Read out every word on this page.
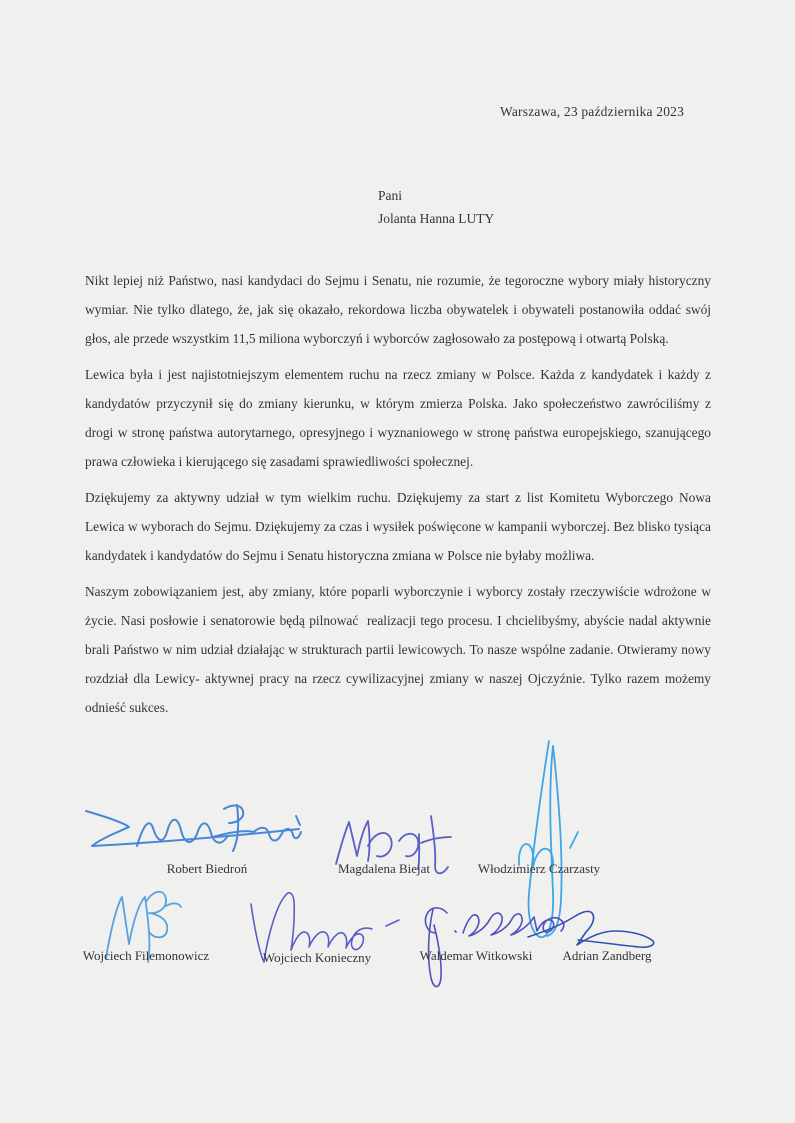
Warszawa, 23 października 2023
Pani
Jolanta Hanna LUTY

Nikt lepiej niż Państwo, nasi kandydaci do Sejmu i Senatu, nie rozumie, że tegoroczne wybory miały historyczny wymiar. Nie tylko dlatego, że, jak się okazało, rekordowa liczba obywatelek i obywateli postanowiła oddać swój głos, ale przede wszystkim 11,5 miliona wyborczyń i wyborców zagłosowało za postępową i otwartą Polską.

Lewica była i jest najistotniejszym elementem ruchu na rzecz zmiany w Polsce. Każda z kandydatek i każdy z kandydatów przyczynił się do zmiany kierunku, w którym zmierza Polska. Jako społeczeństwo zawróciliśmy z drogi w stronę państwa autorytarnego, opresyjnego i wyznaniowego w stronę państwa europejskiego, szanującego prawa człowieka i kierującego się zasadami sprawiedliwości społecznej.

Dziękujemy za aktywny udział w tym wielkim ruchu. Dziękujemy za start z list Komitetu Wyborczego Nowa Lewica w wyborach do Sejmu. Dziękujemy za czas i wysiłek poświęcone w kampanii wyborczej. Bez blisko tysiąca kandydatek i kandydatów do Sejmu i Senatu historyczna zmiana w Polsce nie byłaby możliwa.

Naszym zobowiązaniem jest, aby zmiany, które poparli wyborczynie i wyborcy zostały rzeczywiście wdrożone w życie. Nasi posłowie i senatorowie będą pilnować  realizacji tego procesu. I chcielibyśmy, abyście nadal aktywnie brali Państwo w nim udział działając w strukturach partii lewicowych. To nasze wspólne zadanie. Otwieramy nowy rozdział dla Lewicy- aktywnej pracy na rzecz cywilizacyjnej zmiany w naszej Ojczyźnie. Tylko razem możemy odnieść sukces.

Robert Biedroń	Magdalena Biejat	Włodzimierz Czarzasty
Wojciech Filemonowicz	Wojciech Konieczny	Waldemar Witkowski Adrian Zandberg
